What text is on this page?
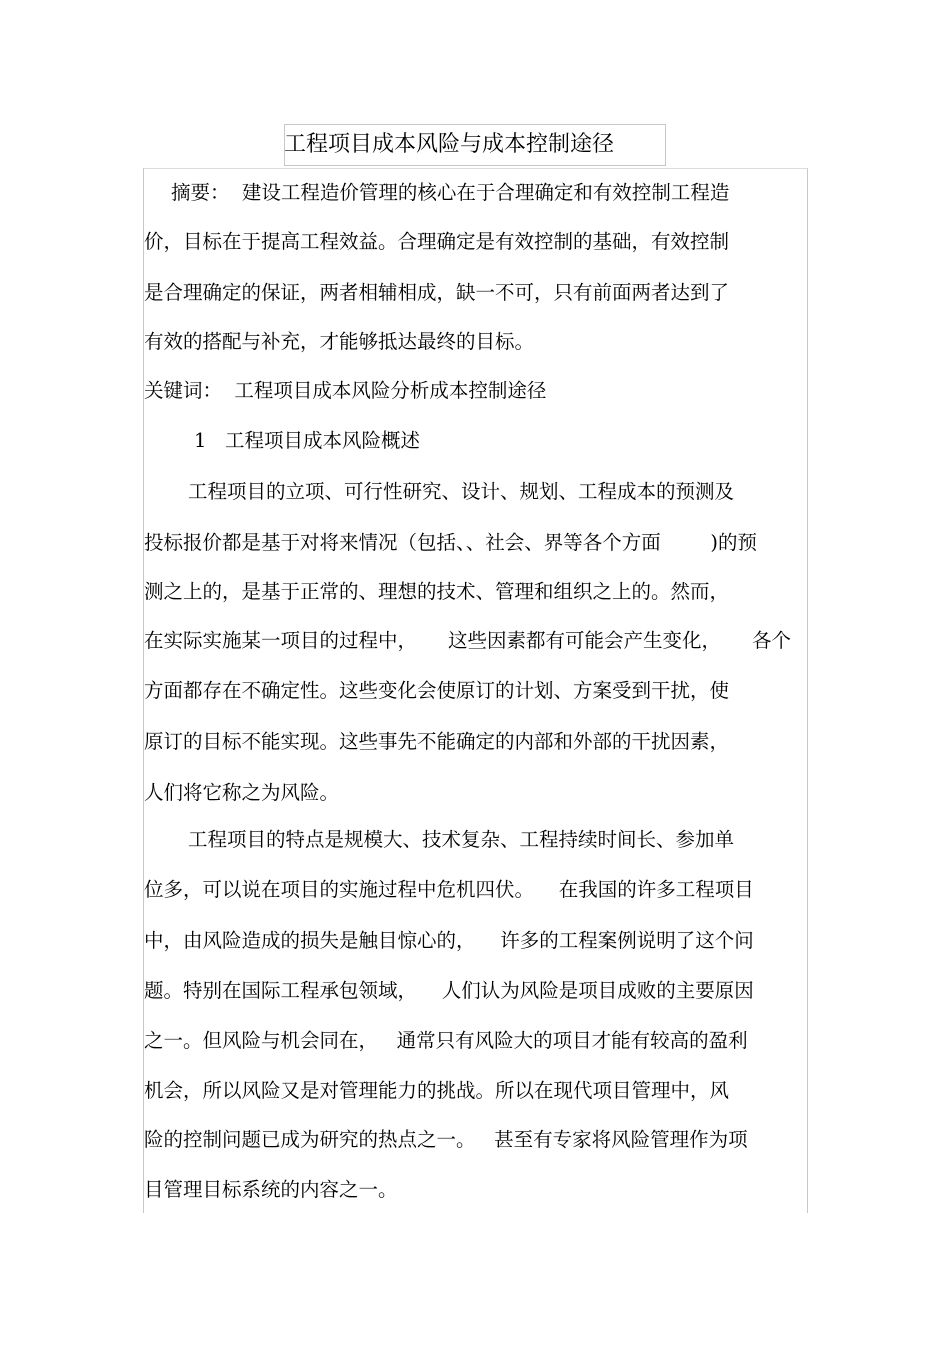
工程项目成本风险与成本控制途径
摘要：  建设工程造价管理的核心在于合理确定和有效控制工程造
价，目标在于提高工程效益。合理确定是有效控制的基础，有效控制
是合理确定的保证，两者相辅相成，缺一不可，只有前面两者达到了
有效的搭配与补充，才能够抵达最终的目标。
关键词：  工程项目成本风险分析成本控制途径
1   工程项目成本风险概述
工程项目的立项、可行性研究、设计、规划、工程成本的预测及
投标报价都是基于对将来情况（包括、、社会、界等各个方面        )的预
测之上的，是基于正常的、理想的技术、管理和组织之上的。然而，
在实际实施某一项目的过程中，     这些因素都有可能会产生变化，     各个
方面都存在不确定性。这些变化会使原订的计划、方案受到干扰，使
原订的目标不能实现。这些事先不能确定的内部和外部的干扰因素，
人们将它称之为风险。
工程项目的特点是规模大、技术复杂、工程持续时间长、参加单
位多，可以说在项目的实施过程中危机四伏。    在我国的许多工程项目
中，由风险造成的损失是触目惊心的，    许多的工程案例说明了这个问
题。特别在国际工程承包领域，    人们认为风险是项目成败的主要原因
之一。但风险与机会同在，   通常只有风险大的项目才能有较高的盈利
机会，所以风险又是对管理能力的挑战。所以在现代项目管理中，风
险的控制问题已成为研究的热点之一。   甚至有专家将风险管理作为项
目管理目标系统的内容之一。
